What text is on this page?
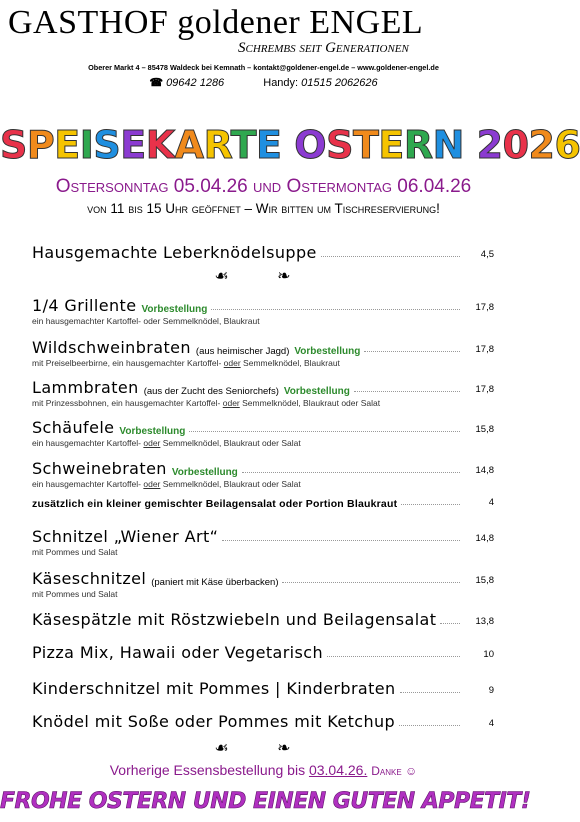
GASTHOF goldener ENGEL
Schrembs seit Generationen
Oberer Markt 4 – 85478 Waldeck bei Kemnath – kontakt@goldener-engel.de – www.goldener-engel.de
☎ 09642 1286	Handy: 01515 2062626
SPEISEKARTE OSTERN 2026
Ostersonntag 05.04.26 und Ostermontag 06.04.26
von 11 bis 15 Uhr geöffnet – Wir bitten um Tischreservierung!
Hausgemachte Leberknödelsuppe	4,5
☙ ❧
1/4 Grillente Vorbestellung	17,8
ein hausgemachter Kartoffel- oder Semmelknödel, Blaukraut
Wildschweinbraten (aus heimischer Jagd) Vorbestellung	17,8
mit Preiselbeerbirne, ein hausgemachter Kartoffel- oder Semmelknödel, Blaukraut
Lammbraten (aus der Zucht des Seniorchefs) Vorbestellung	17,8
mit Prinzessbohnen, ein hausgemachter Kartoffel- oder Semmelknödel, Blaukraut oder Salat
Schäufele Vorbestellung	15,8
ein hausgemachter Kartoffel- oder Semmelknödel, Blaukraut oder Salat
Schweinebraten Vorbestellung	14,8
ein hausgemachter Kartoffel- oder Semmelknödel, Blaukraut oder Salat
zusätzlich ein kleiner gemischter Beilagensalat oder Portion Blaukraut	4
Schnitzel „Wiener Art“	14,8
mit Pommes und Salat
Käseschnitzel (paniert mit Käse überbacken)	15,8
mit Pommes und Salat
Käsespätzle mit Röstzwiebeln und Beilagensalat	13,8
Pizza Mix, Hawaii oder Vegetarisch	10
Kinderschnitzel mit Pommes | Kinderbraten	9
Knödel mit Soße oder Pommes mit Ketchup	4
☙ ❧
Vorherige Essensbestellung bis 03.04.26. Danke ☺
FROHE OSTERN UND EINEN GUTEN APPETIT!
